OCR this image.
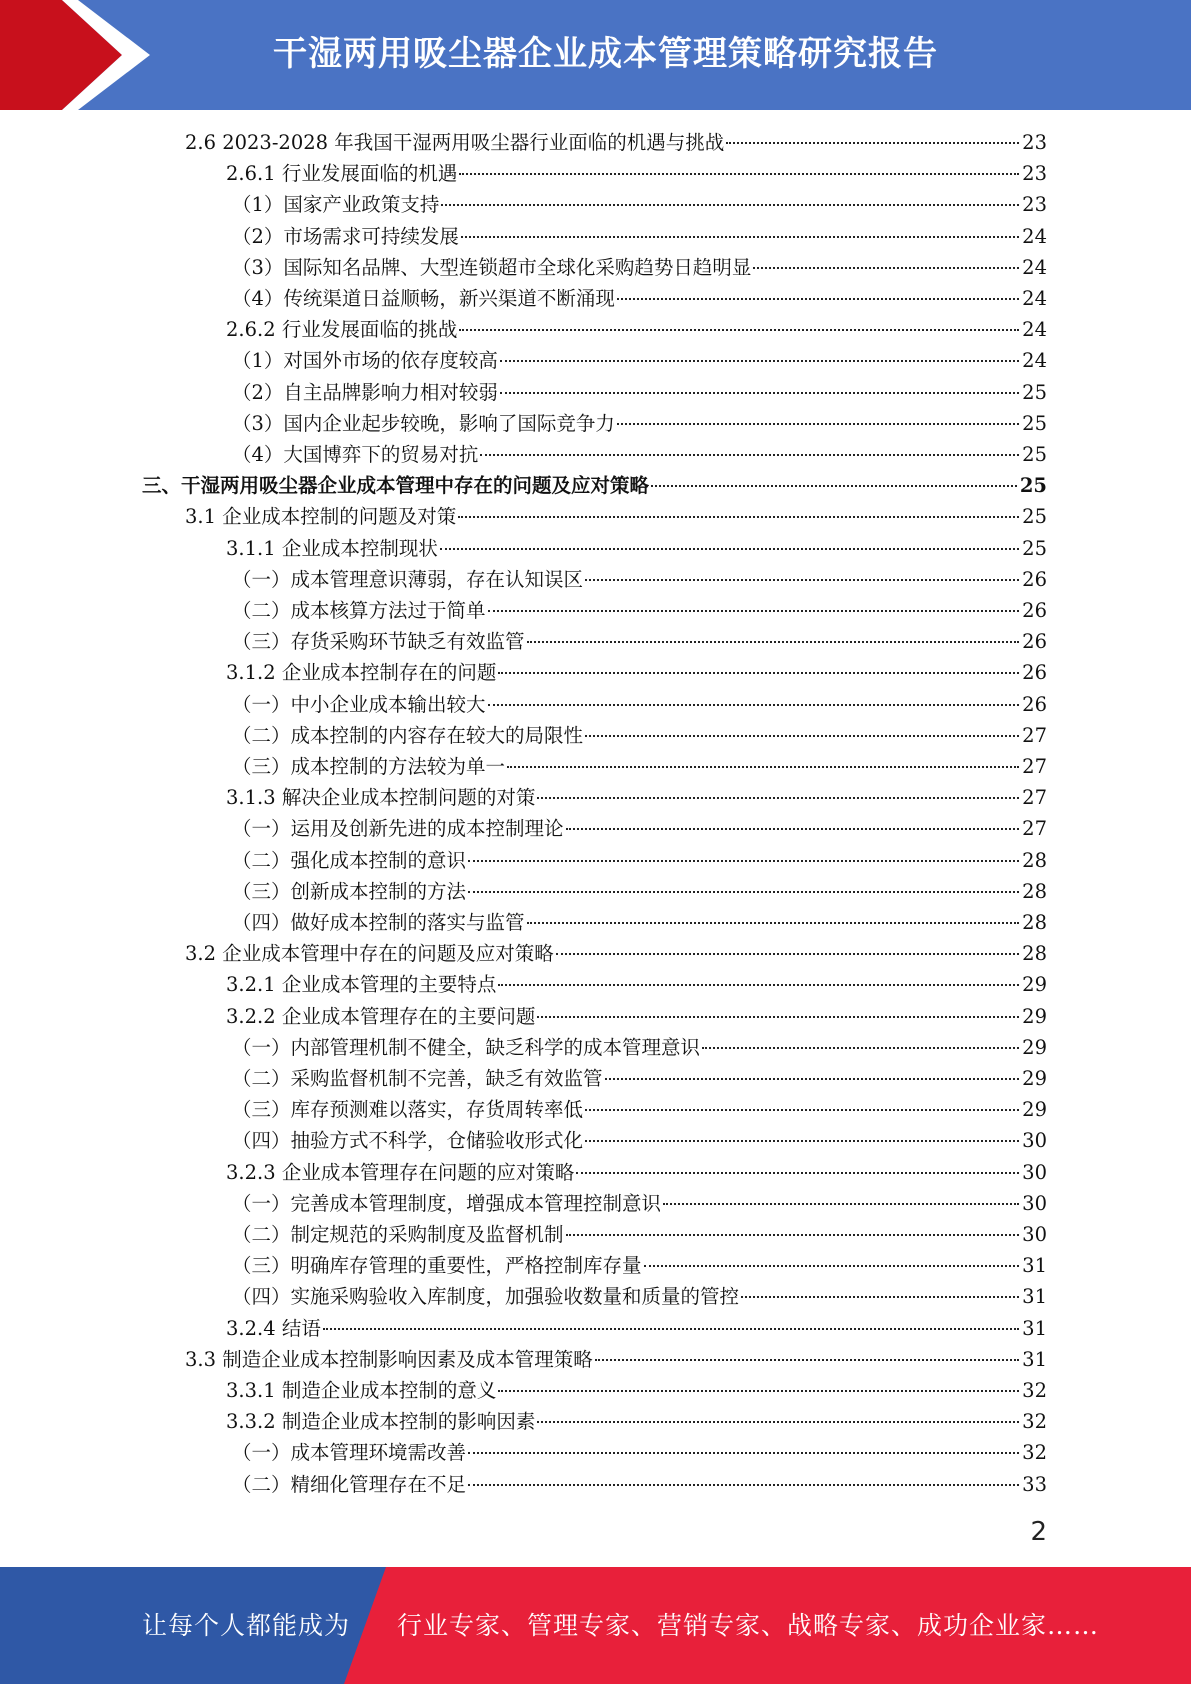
干湿两用吸尘器企业成本管理策略研究报告
2.6 2023-2028 年我国干湿两用吸尘器行业面临的机遇与挑战	23
2.6.1 行业发展面临的机遇	23
（1）国家产业政策支持	23
（2）市场需求可持续发展	24
（3）国际知名品牌、大型连锁超市全球化采购趋势日趋明显	24
（4）传统渠道日益顺畅，新兴渠道不断涌现	24
2.6.2 行业发展面临的挑战	24
（1）对国外市场的依存度较高	24
（2）自主品牌影响力相对较弱	25
（3）国内企业起步较晚，影响了国际竞争力	25
（4）大国博弈下的贸易对抗	25
三、干湿两用吸尘器企业成本管理中存在的问题及应对策略	25
3.1 企业成本控制的问题及对策	25
3.1.1 企业成本控制现状	25
（一）成本管理意识薄弱，存在认知误区	26
（二）成本核算方法过于简单	26
（三）存货采购环节缺乏有效监管	26
3.1.2 企业成本控制存在的问题	26
（一）中小企业成本输出较大	26
（二）成本控制的内容存在较大的局限性	27
（三）成本控制的方法较为单一	27
3.1.3 解决企业成本控制问题的对策	27
（一）运用及创新先进的成本控制理论	27
（二）强化成本控制的意识	28
（三）创新成本控制的方法	28
（四）做好成本控制的落实与监管	28
3.2 企业成本管理中存在的问题及应对策略	28
3.2.1 企业成本管理的主要特点	29
3.2.2 企业成本管理存在的主要问题	29
（一）内部管理机制不健全，缺乏科学的成本管理意识	29
（二）采购监督机制不完善，缺乏有效监管	29
（三）库存预测难以落实，存货周转率低	29
（四）抽验方式不科学，仓储验收形式化	30
3.2.3 企业成本管理存在问题的应对策略	30
（一）完善成本管理制度，增强成本管理控制意识	30
（二）制定规范的采购制度及监督机制	30
（三）明确库存管理的重要性，严格控制库存量	31
（四）实施采购验收入库制度，加强验收数量和质量的管控	31
3.2.4 结语	31
3.3 制造企业成本控制影响因素及成本管理策略	31
3.3.1 制造企业成本控制的意义	32
3.3.2 制造企业成本控制的影响因素	32
（一）成本管理环境需改善	32
（二）精细化管理存在不足	33
2
让每个人都能成为 行业专家、管理专家、营销专家、战略专家、成功企业家……
